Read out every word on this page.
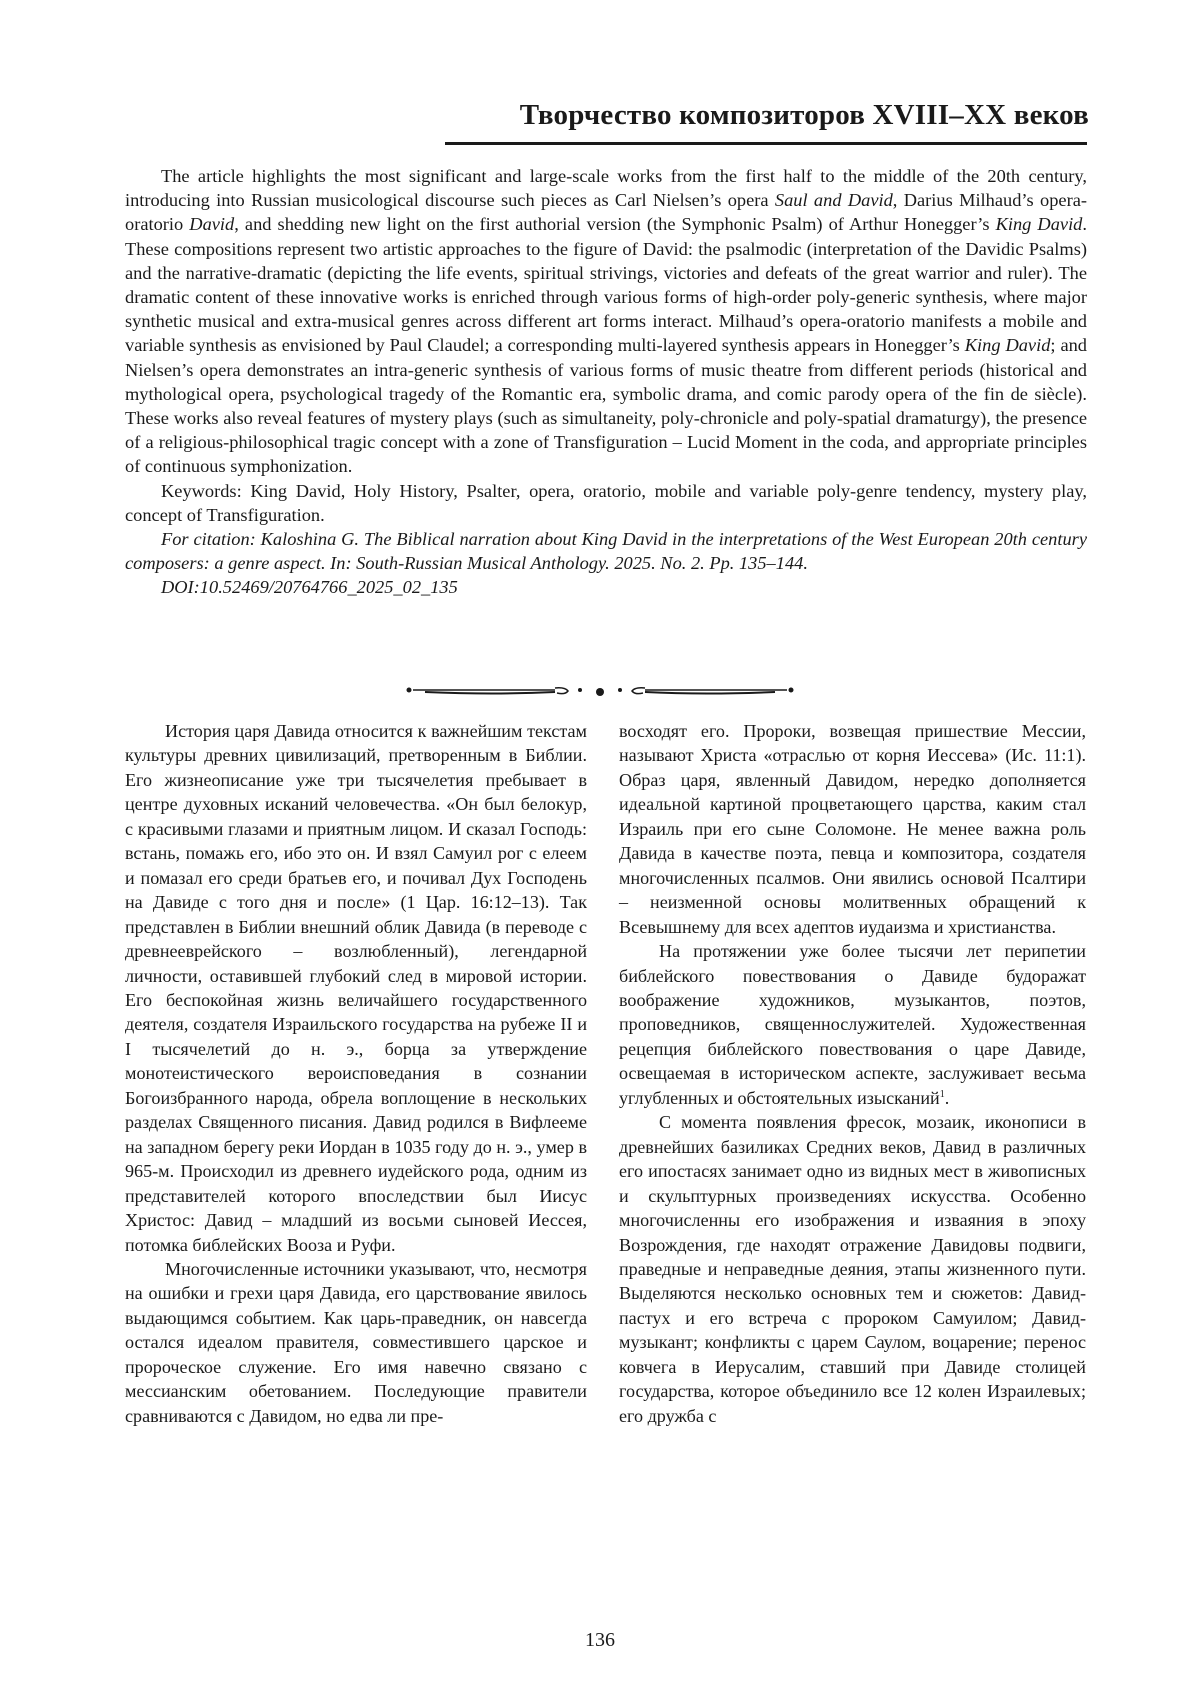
Творчество композиторов XVIII–XX веков

The article highlights the most significant and large-scale works from the first half to the middle of the 20th century, introducing into Russian musicological discourse such pieces as Carl Nielsen’s opera Saul and David, Darius Milhaud’s opera-oratorio David, and shedding new light on the first authorial version (the Symphonic Psalm) of Arthur Honegger’s King David. These compositions represent two artistic approaches to the figure of David: the psalmodic (interpretation of the Davidic Psalms) and the narrative-dramatic (depicting the life events, spiritual strivings, victories and defeats of the great warrior and ruler). The dramatic content of these innovative works is enriched through various forms of high-order poly-generic synthesis, where major synthetic musical and extra-musical genres across different art forms interact. Milhaud’s opera-oratorio manifests a mobile and variable synthesis as envisioned by Paul Claudel; a corresponding multi-layered synthesis appears in Honegger’s King David; and Nielsen’s opera demonstrates an intra-generic synthesis of various forms of music theatre from different periods (historical and mythological opera, psychological tragedy of the Romantic era, symbolic drama, and comic parody opera of the fin de siècle). These works also reveal features of mystery plays (such as simultaneity, poly-chronicle and poly-spatial dramaturgy), the presence of a religious-philosophical tragic concept with a zone of Transfiguration – Lucid Moment in the coda, and appropriate principles of continuous symphonization.

Keywords: King David, Holy History, Psalter, opera, oratorio, mobile and variable poly-genre tendency, mystery play, concept of Transfiguration.

For citation: Kaloshina G. The Biblical narration about King David in the interpretations of the West European 20th century composers: a genre aspect. In: South-Russian Musical Anthology. 2025. No. 2. Pp. 135–144.

DOI:10.52469/20764766_2025_02_135

История царя Давида относится к важнейшим текстам культуры древних цивилизаций, претворенным в Библии. Его жизнеописание уже три тысячелетия пребывает в центре духовных исканий человечества. «Он был белокур, с красивыми глазами и приятным лицом. И сказал Господь: встань, помажь его, ибо это он. И взял Самуил рог с елеем и помазал его среди братьев его, и почивал Дух Господень на Давиде с того дня и после» (1 Цар. 16:12–13). Так представлен в Библии внешний облик Давида (в переводе с древнееврейского – возлюбленный), легендарной личности, оставившей глубокий след в мировой истории. Его беспокойная жизнь величайшего государственного деятеля, создателя Израильского государства на рубеже II и I тысячелетий до н. э., борца за утверждение монотеистического вероисповедания в сознании Богоизбранного народа, обрела воплощение в нескольких разделах Священного писания. Давид родился в Вифлееме на западном берегу реки Иордан в 1035 году до н. э., умер в 965-м. Происходил из древнего иудейского рода, одним из представителей которого впоследствии был Иисус Христос: Давид – младший из восьми сыновей Иессея, потомка библейских Вооза и Руфи.

Многочисленные источники указывают, что, несмотря на ошибки и грехи царя Давида, его царствование явилось выдающимся событием. Как царь-праведник, он навсегда остался идеалом правителя, совместившего царское и пророческое служение. Его имя навечно связано с мессианским обетованием. Последующие правители сравниваются с Давидом, но едва ли пре-

восходят его. Пророки, возвещая пришествие Мессии, называют Христа «отраслью от корня Иессева» (Ис. 11:1). Образ царя, явленный Давидом, нередко дополняется идеальной картиной процветающего царства, каким стал Израиль при его сыне Соломоне. Не менее важна роль Давида в качестве поэта, певца и композитора, создателя многочисленных псалмов. Они явились основой Псалтири – неизменной основы молитвенных обращений к Всевышнему для всех адептов иудаизма и христианства.

На протяжении уже более тысячи лет перипетии библейского повествования о Давиде будоражат воображение художников, музыкантов, поэтов, проповедников, священнослужителей. Художественная рецепция библейского повествования о царе Давиде, освещаемая в историческом аспекте, заслуживает весьма углубленных и обстоятельных изысканий$^1$.

С момента появления фресок, мозаик, иконописи в древнейших базиликах Средних веков, Давид в различных его ипостасях занимает одно из видных мест в живописных и скульптурных произведениях искусства. Особенно многочисленны его изображения и изваяния в эпоху Возрождения, где находят отражение Давидовы подвиги, праведные и неправедные деяния, этапы жизненного пути. Выделяются несколько основных тем и сюжетов: Давид-пастух и его встреча с пророком Самуилом; Давид-музыкант; конфликты с царем Саулом, воцарение; перенос ковчега в Иерусалим, ставший при Давиде столицей государства, которое объединило все 12 колен Израилевых; его дружба с

136
